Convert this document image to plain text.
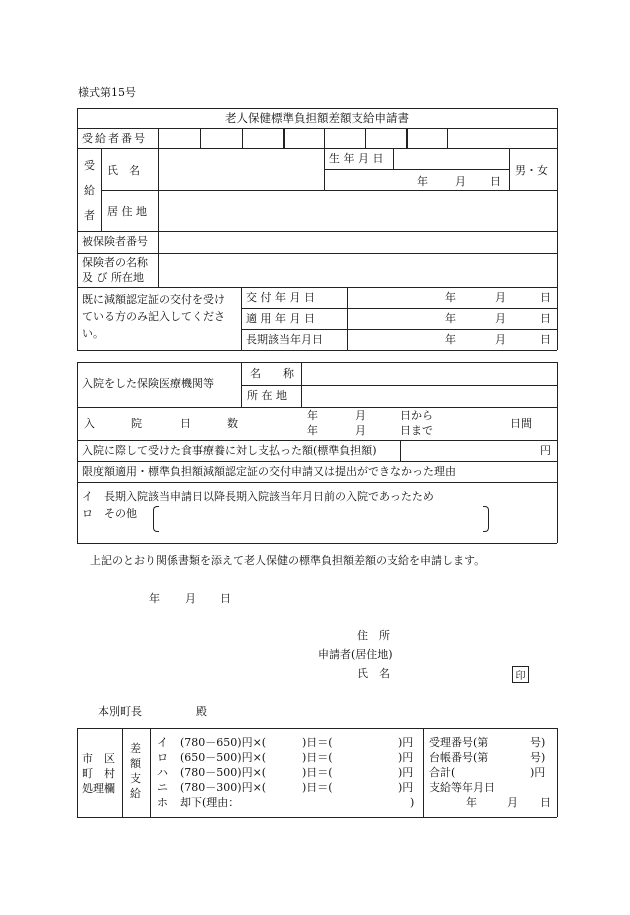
様式第15号
老人保健標準負担額差額支給申請書
受給者番号
受
給
者
氏　名
生 年 月 日
年 月 日
男・女
居 住 地
被保険者番号
保険者の名称
及 び 所在地
既に減額認定証の交付を受け
ている方のみ記入してくださ
い。
交 付 年 月 日	年	月	日
適 用 年 月 日	年	月	日
長期該当年月日	年	月	日
入院をした保険医療機関等
名　　称
所 在 地
入	院	日	数
年	月	日から
年	月	日まで
日間
入院に際して受けた食事療養に対し支払った額(標準負担額)	円
限度額適用・標準負担額減額認定証の交付申請又は提出ができなかった理由
イ　長期入院該当申請日以降長期入院該当年月日前の入院であったため
ロ　その他
上記のとおり関係書類を添えて老人保健の標準負担額差額の支給を申請します。
年 月 日
住　所
申請者(居住地)
氏　名	印
本別町長	殿
市　区
町　村
処理欄
差
額
支
給
イ (780－650)円×(	)日＝(	)円
ロ (650－500)円×(	)日＝(	)円
ハ (780－500)円×(	)日＝(	)円
ニ (780－300)円×(	)日＝(	)円
ホ 却下(理由：	)
受理番号(第	号)
台帳番号(第	号)
合計(	)円
支給等年月日
年	月 日
